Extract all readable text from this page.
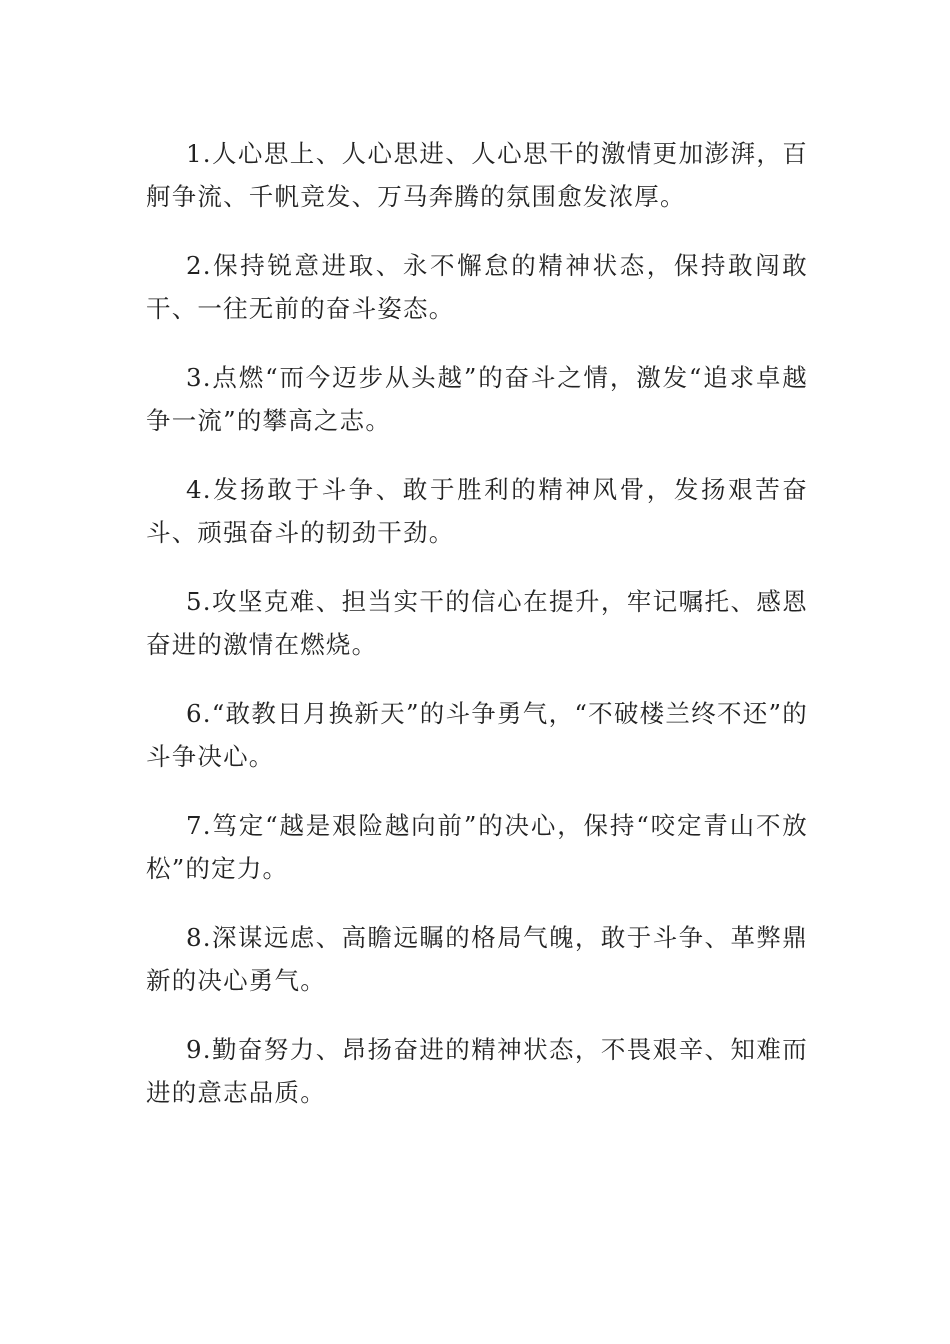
1.人心思上、人心思进、人心思干的激情更加澎湃，百舸争流、千帆竞发、万马奔腾的氛围愈发浓厚。

2.保持锐意进取、永不懈怠的精神状态，保持敢闯敢干、一往无前的奋斗姿态。

3.点燃“而今迈步从头越”的奋斗之情，激发“追求卓越争一流”的攀高之志。

4.发扬敢于斗争、敢于胜利的精神风骨，发扬艰苦奋斗、顽强奋斗的韧劲干劲。

5.攻坚克难、担当实干的信心在提升，牢记嘱托、感恩奋进的激情在燃烧。

6.“敢教日月换新天”的斗争勇气，“不破楼兰终不还”的斗争决心。

7.笃定“越是艰险越向前”的决心，保持“咬定青山不放松”的定力。

8.深谋远虑、高瞻远瞩的格局气魄，敢于斗争、革弊鼎新的决心勇气。

9.勤奋努力、昂扬奋进的精神状态，不畏艰辛、知难而进的意志品质。
